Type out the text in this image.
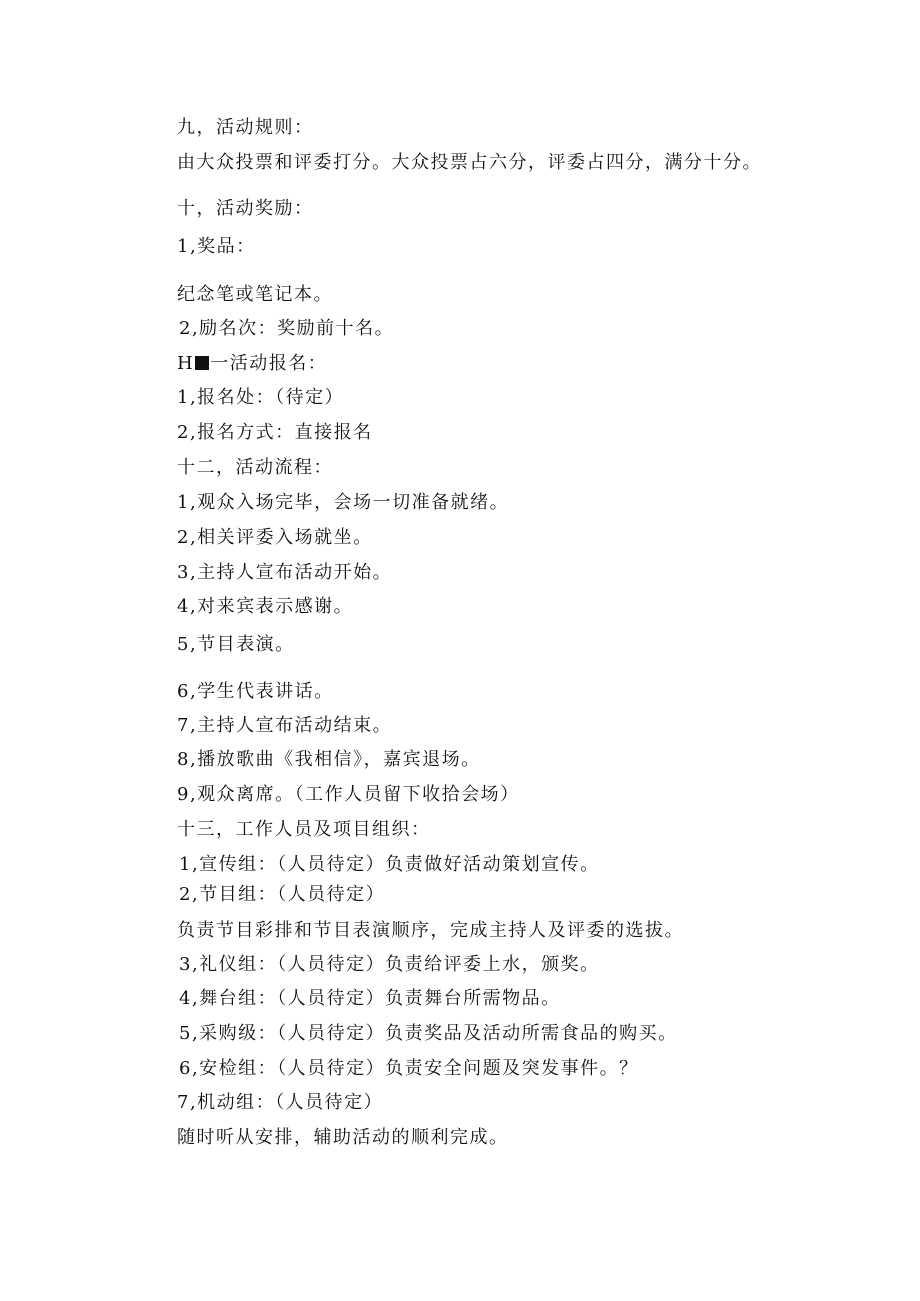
九，活动规则：
由大众投票和评委打分。大众投票占六分，评委占四分，满分十分。
十，活动奖励：
1,奖品：
纪念笔或笔记本。
2,励名次：奖励前十名。
H 一活动报名：
1,报名处：（待定）
2,报名方式：直接报名
十二，活动流程：
1,观众入场完毕，会场一切准备就绪。
2,相关评委入场就坐。
3,主持人宣布活动开始。
4,对来宾表示感谢。
5,节目表演。
6,学生代表讲话。
7,主持人宣布活动结束。
8,播放歌曲《我相信》，嘉宾退场。
9,观众离席。（工作人员留下收拾会场）
十三，工作人员及项目组织：
1,宣传组：（人员待定）负责做好活动策划宣传。
2,节目组：（人员待定）
负责节目彩排和节目表演顺序，完成主持人及评委的选拔。
3,礼仪组：（人员待定）负责给评委上水，颁奖。
4,舞台组：（人员待定）负责舞台所需物品。
5,采购级：（人员待定）负责奖品及活动所需食品的购买。
6,安检组：（人员待定）负责安全问题及突发事件。？
7,机动组：（人员待定）
随时听从安排，辅助活动的顺利完成。
